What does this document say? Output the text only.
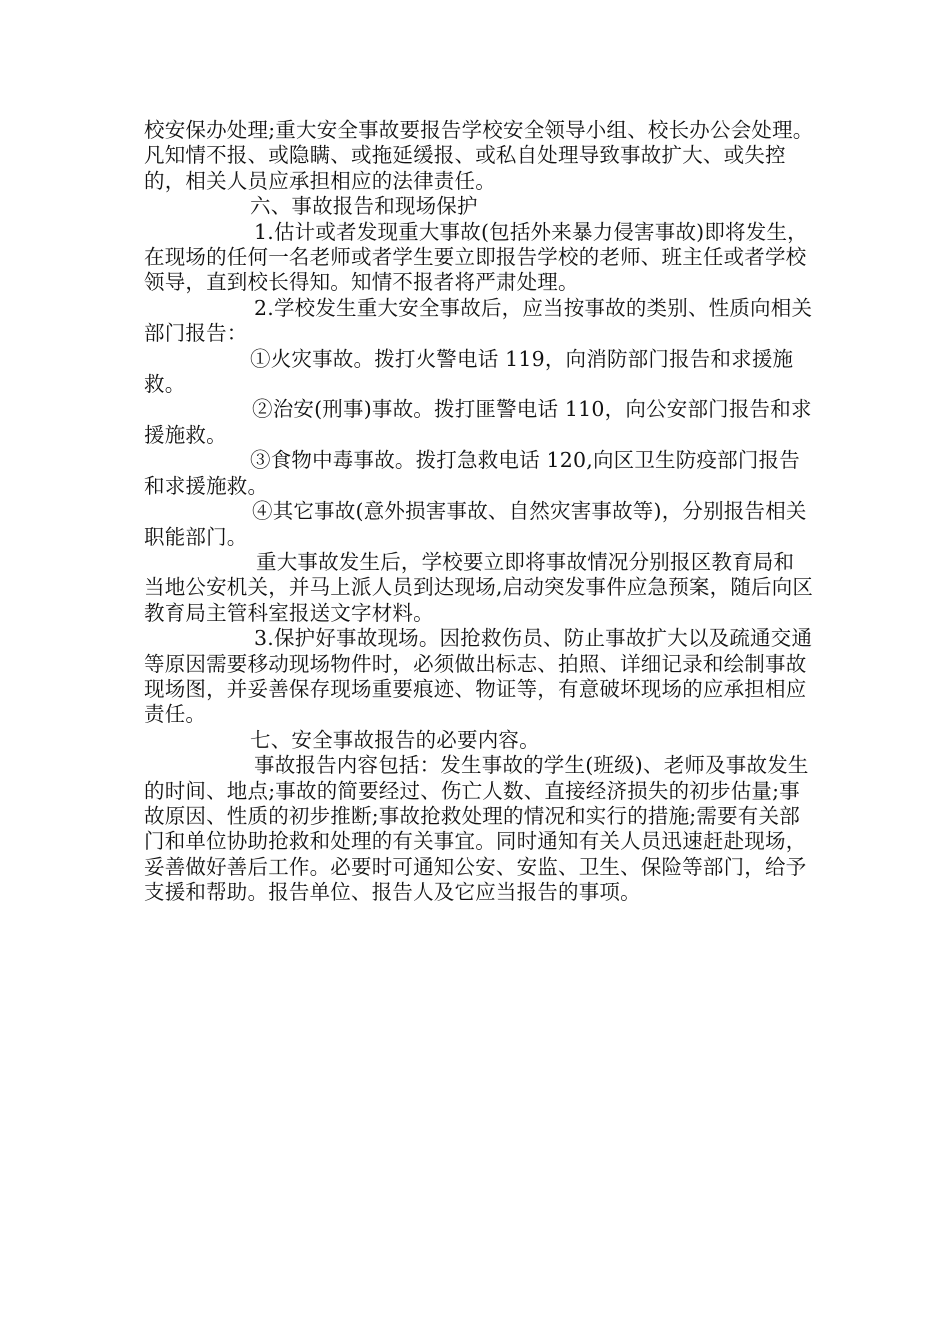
校安保办处理;重大安全事故要报告学校安全领导小组、校长办公会处理。凡知情不报、或隐瞒、或拖延缓报、或私自处理导致事故扩大、或失控的，相关人员应承担相应的法律责任。

六、事故报告和现场保护

1.估计或者发现重大事故(包括外来暴力侵害事故)即将发生，在现场的任何一名老师或者学生要立即报告学校的老师、班主任或者学校领导，直到校长得知。知情不报者将严肃处理。

2.学校发生重大安全事故后，应当按事故的类别、性质向相关部门报告：

①火灾事故。拨打火警电话 119，向消防部门报告和求援施救。

②治安(刑事)事故。拨打匪警电话 110，向公安部门报告和求援施救。

③食物中毒事故。拨打急救电话 120,向区卫生防疫部门报告和求援施救。

④其它事故(意外损害事故、自然灾害事故等)，分别报告相关职能部门。

重大事故发生后，学校要立即将事故情况分别报区教育局和当地公安机关，并马上派人员到达现场,启动突发事件应急预案，随后向区教育局主管科室报送文字材料。

3.保护好事故现场。因抢救伤员、防止事故扩大以及疏通交通等原因需要移动现场物件时，必须做出标志、拍照、详细记录和绘制事故现场图，并妥善保存现场重要痕迹、物证等，有意破坏现场的应承担相应责任。

七、安全事故报告的必要内容。

事故报告内容包括：发生事故的学生(班级)、老师及事故发生的时间、地点;事故的简要经过、伤亡人数、直接经济损失的初步估量;事故原因、性质的初步推断;事故抢救处理的情况和实行的措施;需要有关部门和单位协助抢救和处理的有关事宜。同时通知有关人员迅速赶赴现场，妥善做好善后工作。必要时可通知公安、安监、卫生、保险等部门，给予支援和帮助。报告单位、报告人及它应当报告的事项。
